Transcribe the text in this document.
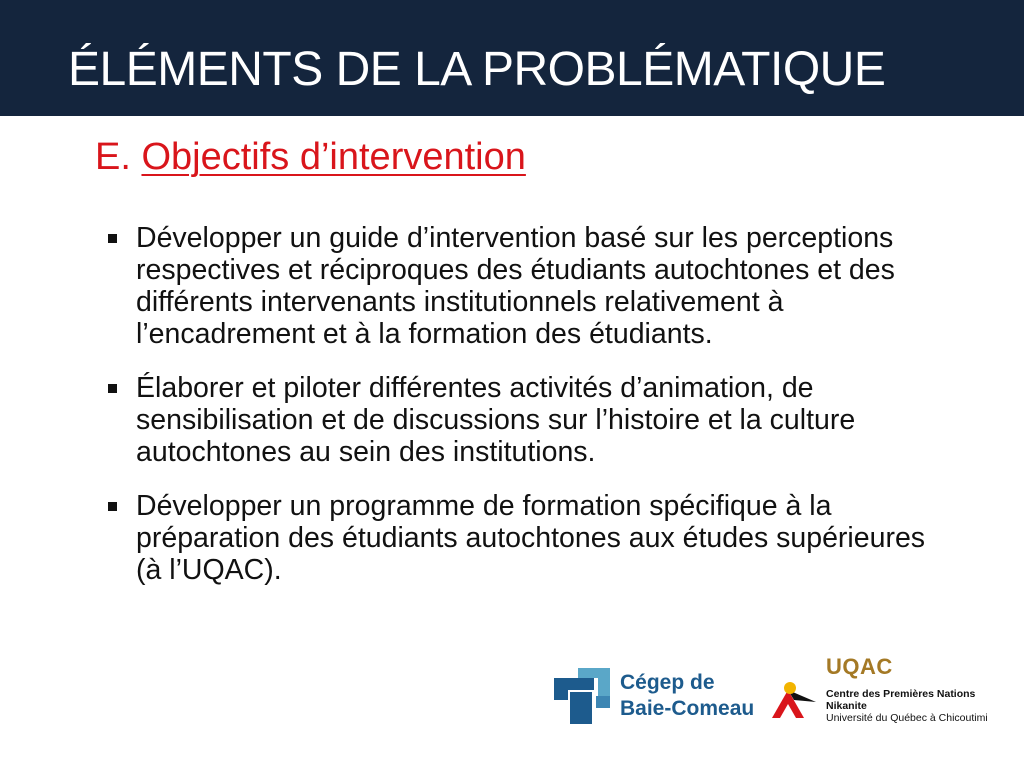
ÉLÉMENTS DE LA PROBLÉMATIQUE
E. Objectifs d’intervention
Développer un guide d’intervention basé sur les perceptions respectives et réciproques des étudiants autochtones et des différents intervenants institutionnels relativement à l’encadrement et à la formation des étudiants.
Élaborer et piloter différentes activités d’animation, de sensibilisation et de discussions sur l’histoire et la culture autochtones au sein des institutions.
Développer un programme de formation spécifique à la préparation des étudiants autochtones aux études supérieures (à l’UQAC).
Cégep de
Baie-Comeau
UQAC
Centre des Premières Nations
Nikanite
Université du Québec à Chicoutimi
